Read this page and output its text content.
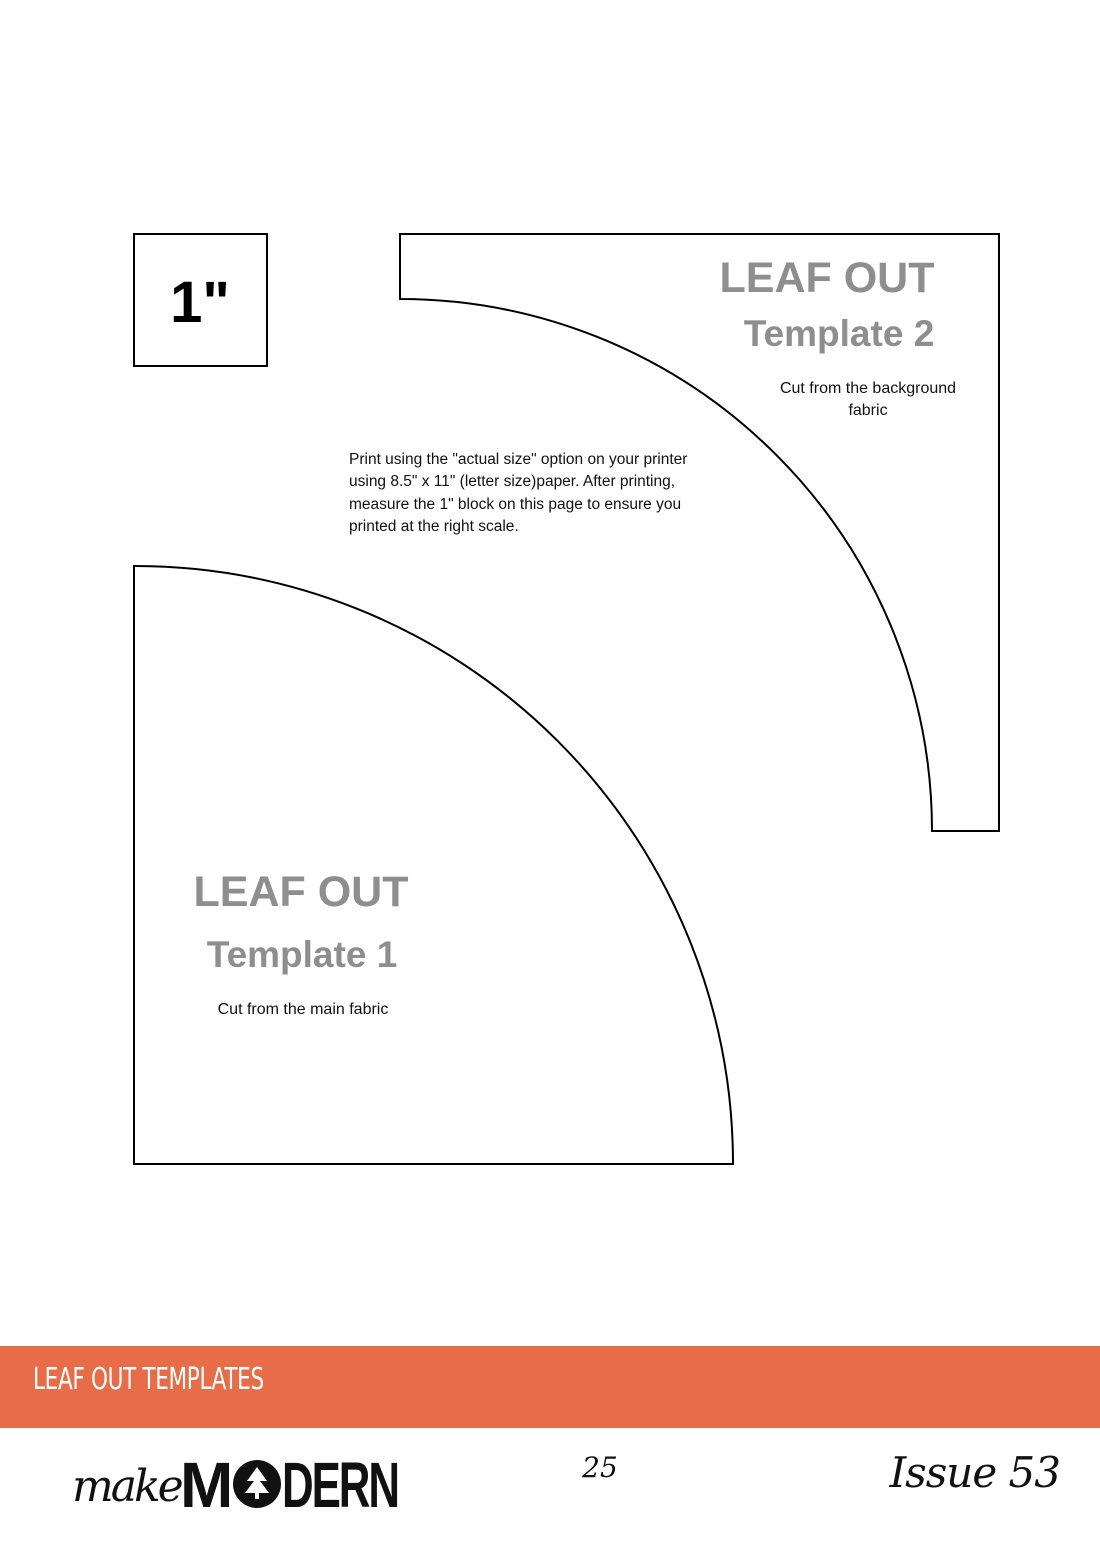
1"	LEAF OUT
Template 2
Cut from the background
fabric
LEAF OUT
Template 1
Cut from the main fabric

Print using the "actual size" option on your printer
using 8.5" x 11" (letter size)paper. After printing,
measure the 1" block on this page to ensure you
printed at the right scale.

LEAF OUT TEMPLATES
make M DERN	25	Issue 53
